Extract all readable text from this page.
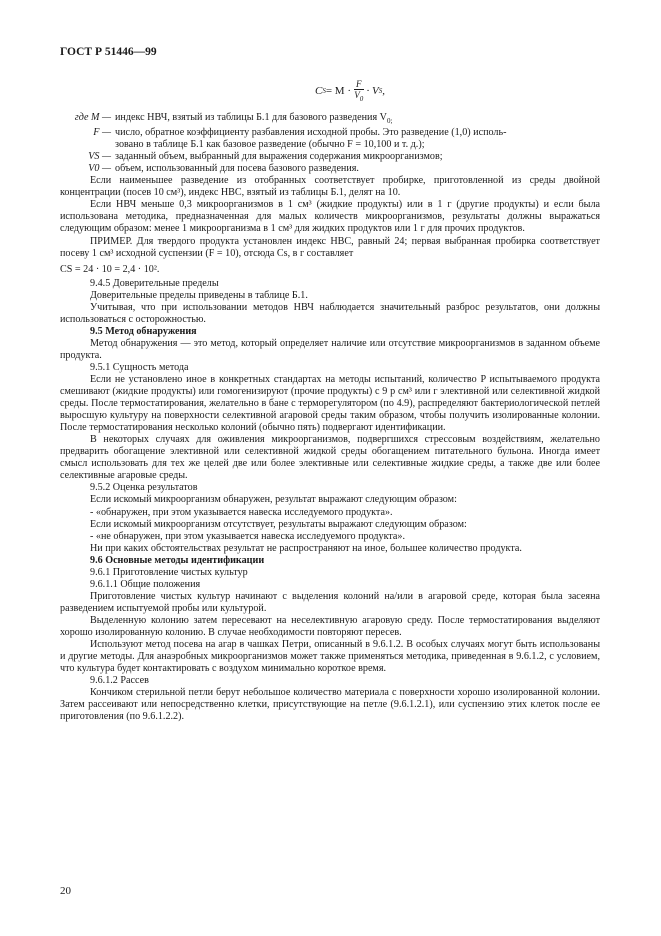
ГОСТ Р 51446—99
C $S = M \cdot \frac{F}{V_0} \cdot V$ S ,
где M — индекс НВЧ, взятый из таблицы Б.1 для базового разведения $V_{0;}$
F — число, обратное коэффициенту разбавления исходной пробы. Это разведение (1,0) исполь-
зовано в таблице Б.1 как базовое разведение (обычно F = 10,100 и т. д.);
VS — заданный объем, выбранный для выражения содержания микроорганизмов;
V0 — объем, использованный для посева базового разведения.

Если наименьшее разведение из отобранных соответствует пробирке, приготовленной из среды двойной концентрации (посев 10 см³), индекс НВС, взятый из таблицы Б.1, делят на 10.

Если НВЧ меньше 0,3 микроорганизмов в 1 см³ (жидкие продукты) или в 1 г (другие продукты) и если была использована методика, предназначенная для малых количеств микроорганизмов, результаты должны выражаться следующим образом: менее 1 микроорганизма в 1 см³ для жидких продуктов или 1 г для прочих продуктов.

ПРИМЕР. Для твердого продукта установлен индекс НВС, равный 24; первая выбранная пробирка соответствует посеву 1 см³ исходной суспензии (F = 10), отсюда Cs, в г составляет

CS = 24 · 10 = 2,4 · 10².

9.4.5 Доверительные пределы

Доверительные пределы приведены в таблице Б.1.

Учитывая, что при использовании методов НВЧ наблюдается значительный разброс результатов, они должны использоваться с осторожностью.

9.5 Метод обнаружения

Метод обнаружения — это метод, который определяет наличие или отсутствие микроорганизмов в заданном объеме продукта.

9.5.1 Сущность метода

Если не установлено иное в конкретных стандартах на методы испытаний, количество P испытываемого продукта смешивают (жидкие продукты) или гомогенизируют (прочие продукты) с 9 p см³ или г элективной или селективной жидкой среды. После термостатирования, желательно в бане с терморегулятором (по 4.9), распределяют бактериологической петлей выросшую культуру на поверхности селективной агаровой среды таким образом, чтобы получить изолированные колонии. После термостатирования несколько колоний (обычно пять) подвергают идентификации.

В некоторых случаях для оживления микроорганизмов, подвергшихся стрессовым воздействиям, желательно предварить обогащение элективной или селективной жидкой среды обогащением питательного бульона. Иногда имеет смысл использовать для тех же целей две или более элективные или селективные жидкие среды, а также две или более селективные агаровые среды.

9.5.2 Оценка результатов

Если искомый микроорганизм обнаружен, результат выражают следующим образом:

- «обнаружен, при этом указывается навеска исследуемого продукта».

Если искомый микроорганизм отсутствует, результаты выражают следующим образом:

- «не обнаружен, при этом указывается навеска исследуемого продукта».

Ни при каких обстоятельствах результат не распространяют на иное, большее количество продукта.

9.6 Основные методы идентификации

9.6.1 Приготовление чистых культур

9.6.1.1 Общие положения

Приготовление чистых культур начинают с выделения колоний на/или в агаровой среде, которая была засеяна разведением испытуемой пробы или культурой.

Выделенную колонию затем пересевают на неселективную агаровую среду. После термостатирования выделяют хорошо изолированную колонию. В случае необходимости повторяют пересев.

Используют метод посева на агар в чашках Петри, описанный в 9.6.1.2. В особых случаях могут быть использованы и другие методы. Для анаэробных микроорганизмов может также применяться методика, приведенная в 9.6.1.2, с условием, что культура будет контактировать с воздухом минимально короткое время.

9.6.1.2 Рассев

Кончиком стерильной петли берут небольшое количество материала с поверхности хорошо изолированной колонии. Затем рассеивают или непосредственно клетки, присутствующие на петле (9.6.1.2.1), или суспензию этих клеток после ее приготовления (по 9.6.1.2.2).

20
